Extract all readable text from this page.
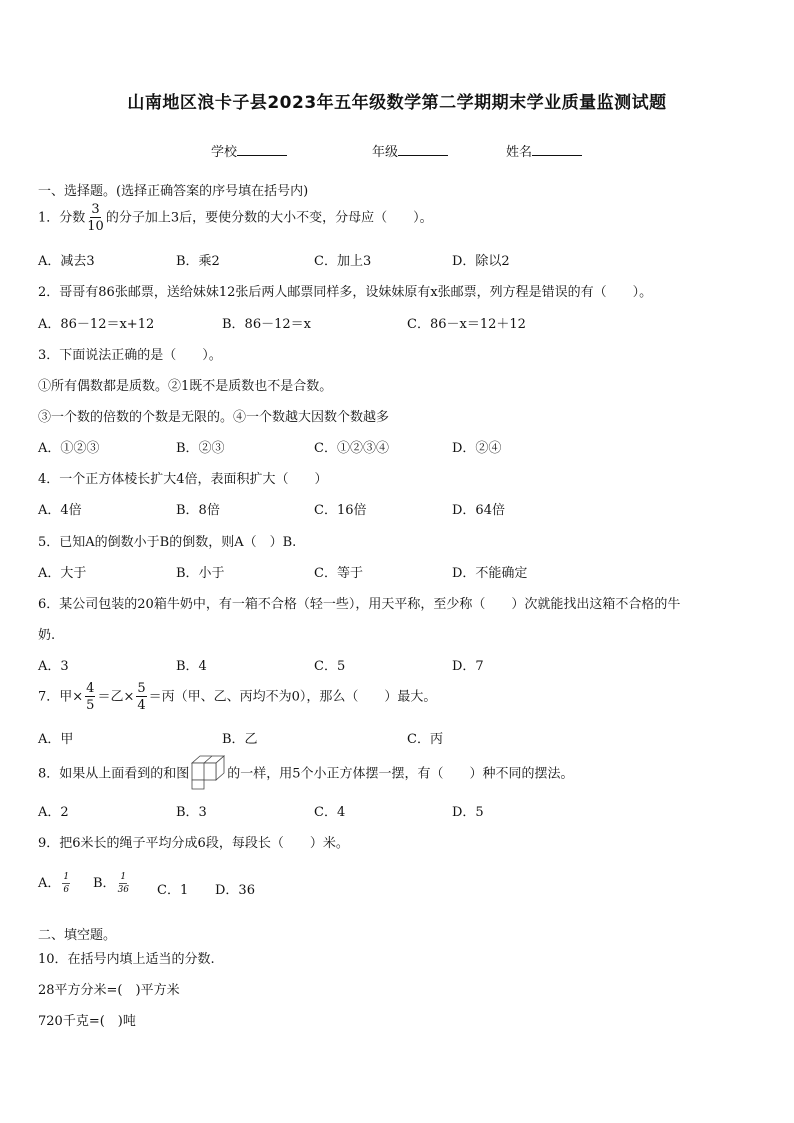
山南地区浪卡子县2023年五年级数学第二学期期末学业质量监测试题
学校	年级	姓名
一、选择题。(选择正确答案的序号填在括号内)
1．分数 $\frac{3}{10}$ 的分子加上3后，要使分数的大小不变，分母应（　　）。
A．减去3	B．乘2	C．加上3	D．除以2
2．哥哥有86张邮票，送给妹妹12张后两人邮票同样多，设妹妹原有x张邮票，列方程是错误的有（　　）。
A．86－12＝x+12	B．86－12＝x	C．86－x＝12＋12
3．下面说法正确的是（　　）。
①所有偶数都是质数。②1既不是质数也不是合数。
③一个数的倍数的个数是无限的。④一个数越大因数个数越多
A．①②③	B．②③	C．①②③④	D．②④
4．一个正方体棱长扩大4倍，表面积扩大（　　）
A．4倍	B．8倍	C．16倍	D．64倍
5．已知A的倒数小于B的倒数，则A（　）B.
A．大于	B．小于	C．等于	D．不能确定
6．某公司包装的20箱牛奶中，有一箱不合格（轻一些），用天平称，至少称（　　）次就能找出这箱不合格的牛
奶.
A．3	B．4	C．5	D．7
7．甲× $\frac{4}{5}$ ＝乙× $\frac{5}{4}$ ＝丙（甲、乙、丙均不为0），那么（　　）最大。
A．甲	B．乙	C．丙
8．如果从上面看到的和图	的一样，用5个小正方体摆一摆，有（　　）种不同的摆法。
A．2	B．3	C．4	D．5
9．把6米长的绳子平均分成6段，每段长（　　）米。
A． $\frac{1}{6}$ B． $\frac{1}{36}$ C．1 D．36
二、填空题。
10．在括号内填上适当的分数.
28平方分米=(　)平方米
720千克=(　)吨
